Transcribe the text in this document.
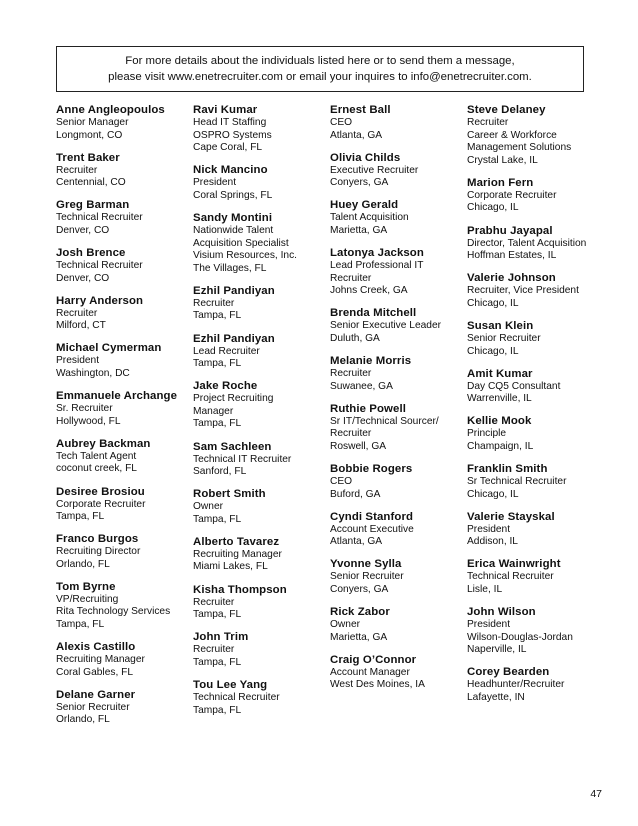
For more details about the individuals listed here or to send them a message,
please visit www.enetrecruiter.com or email your inquires to info@enetrecruiter.com.
Anne Angleopoulos
Senior Manager
Longmont, CO
Trent Baker
Recruiter
Centennial, CO
Greg Barman
Technical Recruiter
Denver, CO
Josh Brence
Technical Recruiter
Denver, CO
Harry Anderson
Recruiter
Milford, CT
Michael Cymerman
President
Washington, DC
Emmanuele Archange
Sr. Recruiter
Hollywood, FL
Aubrey Backman
Tech Talent Agent
coconut creek, FL
Desiree Brosiou
Corporate Recruiter
Tampa, FL
Franco Burgos
Recruiting Director
Orlando, FL
Tom Byrne
VP/Recruiting
Rita Technology Services
Tampa, FL
Alexis Castillo
Recruiting Manager
Coral Gables, FL
Delane Garner
Senior Recruiter
Orlando, FL
Ravi Kumar
Head IT Staffing
OSPRO Systems
Cape Coral, FL
Nick Mancino
President
Coral Springs, FL
Sandy Montini
Nationwide Talent
Acquisition Specialist
Visium Resources, Inc.
The Villages, FL
Ezhil Pandiyan
Recruiter
Tampa, FL
Ezhil Pandiyan
Lead Recruiter
Tampa, FL
Jake Roche
Project Recruiting
Manager
Tampa, FL
Sam Sachleen
Technical IT Recruiter
Sanford, FL
Robert Smith
Owner
Tampa, FL
Alberto Tavarez
Recruiting Manager
Miami Lakes, FL
Kisha Thompson
Recruiter
Tampa, FL
John Trim
Recruiter
Tampa, FL
Tou Lee Yang
Technical Recruiter
Tampa, FL
Ernest Ball
CEO
Atlanta, GA
Olivia Childs
Executive Recruiter
Conyers, GA
Huey Gerald
Talent Acquisition
Marietta, GA
Latonya Jackson
Lead Professional IT
Recruiter
Johns Creek, GA
Brenda Mitchell
Senior Executive Leader
Duluth, GA
Melanie Morris
Recruiter
Suwanee, GA
Ruthie Powell
Sr IT/Technical Sourcer/
Recruiter
Roswell, GA
Bobbie Rogers
CEO
Buford, GA
Cyndi Stanford
Account Executive
Atlanta, GA
Yvonne Sylla
Senior Recruiter
Conyers, GA
Rick Zabor
Owner
Marietta, GA
Craig O’Connor
Account Manager
West Des Moines, IA
Steve Delaney
Recruiter
Career & Workforce
Management Solutions
Crystal Lake, IL
Marion Fern
Corporate Recruiter
Chicago, IL
Prabhu Jayapal
Director, Talent Acquisition
Hoffman Estates, IL
Valerie Johnson
Recruiter, Vice President
Chicago, IL
Susan Klein
Senior Recruiter
Chicago, IL
Amit Kumar
Day CQ5 Consultant
Warrenville, IL
Kellie Mook
Principle
Champaign, IL
Franklin Smith
Sr Technical Recruiter
Chicago, IL
Valerie Stayskal
President
Addison, IL
Erica Wainwright
Technical Recruiter
Lisle, IL
John Wilson
President
Wilson-Douglas-Jordan
Naperville, IL
Corey Bearden
Headhunter/Recruiter
Lafayette, IN
47
